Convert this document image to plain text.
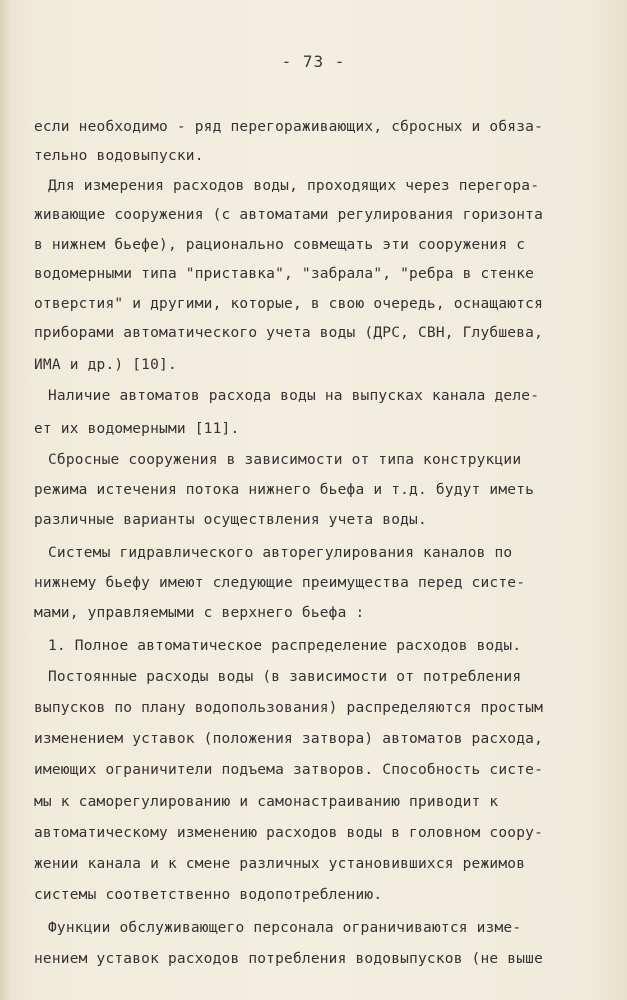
- 73 -
если необходимо - ряд перегораживающих, сбросных и обяза-
тельно водовыпуски.
Для измерения расходов воды, проходящих через перегора-
живающие сооружения (с автоматами регулирования горизонта
в нижнем бьефе), рационально совмещать эти сооружения с
водомерными типа "приставка", "забрала", "ребра в стенке
отверстия" и другими, которые, в свою очередь, оснащаются
приборами автоматического учета воды (ДРС, СВН, Глубшева,
ИМА и др.) [10].
Наличие автоматов расхода воды на выпусках канала деле-
ет их водомерными [11].
Сбросные сооружения в зависимости от типа конструкции
режима истечения потока нижнего бьефа и т.д. будут иметь
различные варианты осуществления учета воды.
Системы гидравлического авторегулирования каналов по
нижнему бьефу имеют следующие преимущества перед систе-
мами, управляемыми с верхнего бьефа :
1. Полное автоматическое распределение расходов воды.
Постоянные расходы воды (в зависимости от потребления
выпусков по плану водопользования) распределяются простым
изменением уставок (положения затвора) автоматов расхода,
имеющих ограничители подъема затворов. Способность систе-
мы к саморегулированию и самонастраиванию приводит к
автоматическому изменению расходов воды в головном соору-
жении канала и к смене различных установившихся режимов
системы соответственно водопотреблению.
Функции обслуживающего персонала ограничиваются изме-
нением уставок расходов потребления водовыпусков (не выше
